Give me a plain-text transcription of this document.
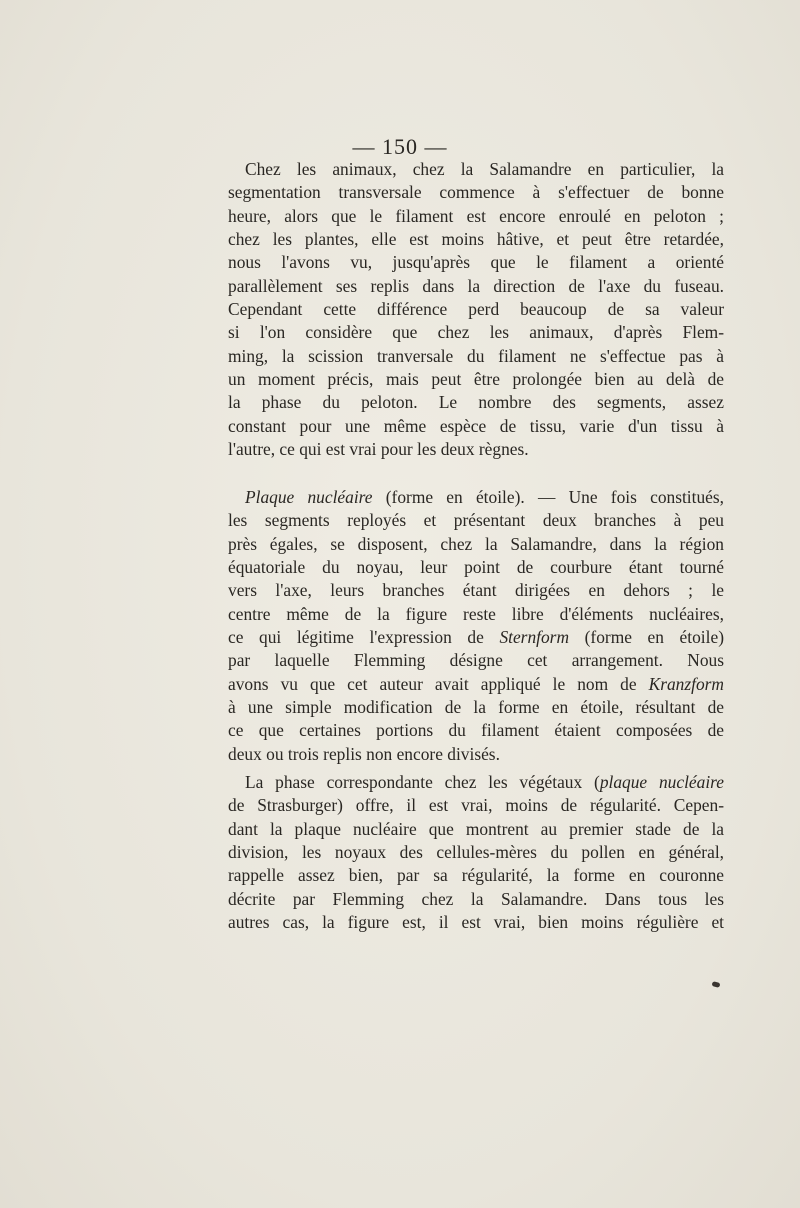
— 150 —
Chez les animaux, chez la Salamandre en particulier, la
segmentation transversale commence à s'effectuer de bonne
heure, alors que le filament est encore enroulé en peloton ;
chez les plantes, elle est moins hâtive, et peut être retardée,
nous l'avons vu, jusqu'après que le filament a orienté
parallèlement ses replis dans la direction de l'axe du fuseau.
Cependant cette différence perd beaucoup de sa valeur
si l'on considère que chez les animaux, d'après Flem-
ming, la scission tranversale du filament ne s'effectue pas à
un moment précis, mais peut être prolongée bien au delà de
la phase du peloton. Le nombre des segments, assez
constant pour une même espèce de tissu, varie d'un tissu à
l'autre, ce qui est vrai pour les deux règnes.
Plaque nucléaire (forme en étoile). — Une fois constitués,
les segments reployés et présentant deux branches à peu
près égales, se disposent, chez la Salamandre, dans la région
équatoriale du noyau, leur point de courbure étant tourné
vers l'axe, leurs branches étant dirigées en dehors ; le
centre même de la figure reste libre d'éléments nucléaires,
ce qui légitime l'expression de Sternform (forme en étoile)
par laquelle Flemming désigne cet arrangement. Nous
avons vu que cet auteur avait appliqué le nom de Kranzform
à une simple modification de la forme en étoile, résultant de
ce que certaines portions du filament étaient composées de
deux ou trois replis non encore divisés.
La phase correspondante chez les végétaux (plaque nucléaire
de Strasburger) offre, il est vrai, moins de régularité. Cepen-
dant la plaque nucléaire que montrent au premier stade de la
division, les noyaux des cellules-mères du pollen en général,
rappelle assez bien, par sa régularité, la forme en couronne
décrite par Flemming chez la Salamandre. Dans tous les
autres cas, la figure est, il est vrai, bien moins régulière et
